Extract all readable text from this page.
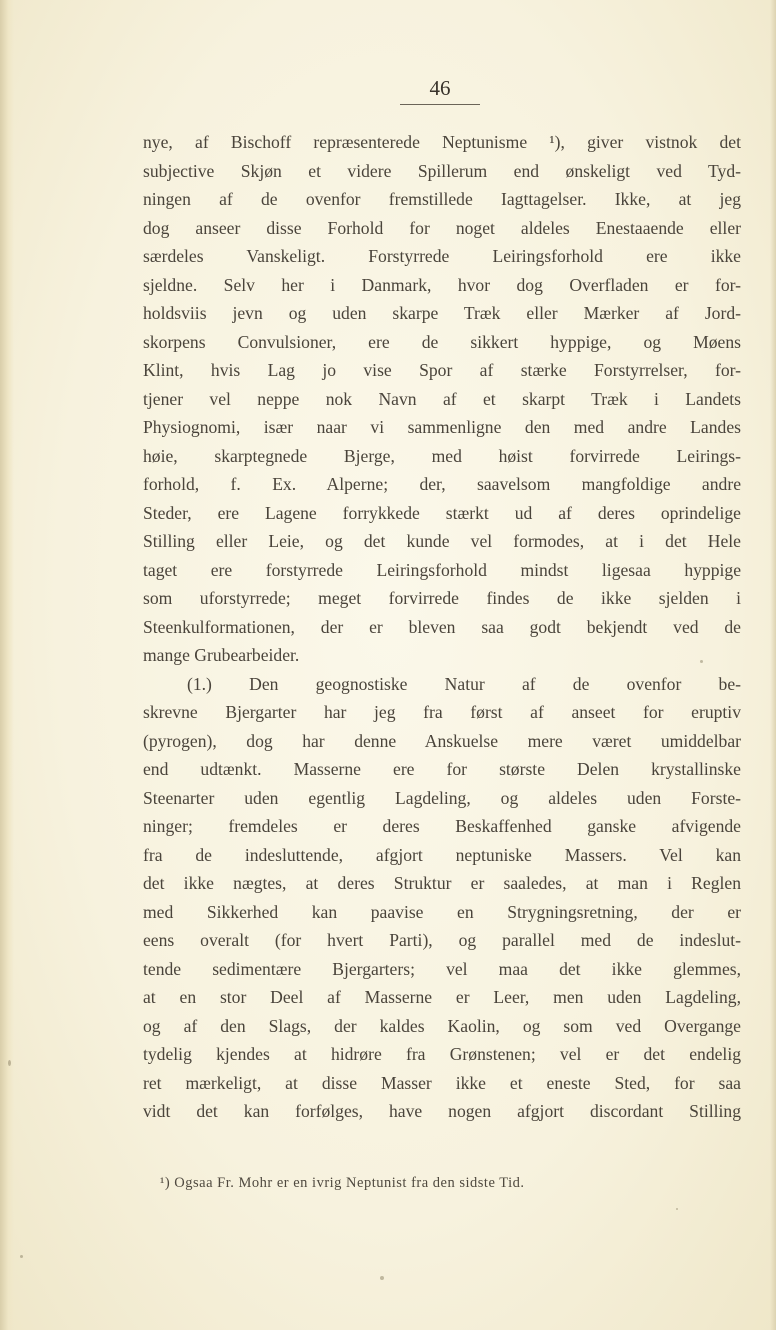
46
nye, af Bischoff repræsenterede Neptunisme ¹), giver vistnok det
subjective Skjøn et videre Spillerum end ønskeligt ved Tyd-
ningen af de ovenfor fremstillede Iagttagelser. Ikke, at jeg
dog anseer disse Forhold for noget aldeles Enestaaende eller
særdeles Vanskeligt. Forstyrrede Leiringsforhold ere ikke
sjeldne. Selv her i Danmark, hvor dog Overfladen er for-
holdsviis jevn og uden skarpe Træk eller Mærker af Jord-
skorpens Convulsioner, ere de sikkert hyppige, og Møens
Klint, hvis Lag jo vise Spor af stærke Forstyrrelser, for-
tjener vel neppe nok Navn af et skarpt Træk i Landets
Physiognomi, især naar vi sammenligne den med andre Landes
høie, skarptegnede Bjerge, med høist forvirrede Leirings-
forhold, f. Ex. Alperne; der, saavelsom mangfoldige andre
Steder, ere Lagene forrykkede stærkt ud af deres oprindelige
Stilling eller Leie, og det kunde vel formodes, at i det Hele
taget ere forstyrrede Leiringsforhold mindst ligesaa hyppige
som uforstyrrede; meget forvirrede findes de ikke sjelden i
Steenkulformationen, der er bleven saa godt bekjendt ved de
mange Grubearbeider.
(1.) Den geognostiske Natur af de ovenfor be-
skrevne Bjergarter har jeg fra først af anseet for eruptiv
(pyrogen), dog har denne Anskuelse mere været umiddelbar
end udtænkt. Masserne ere for største Delen krystallinske
Steenarter uden egentlig Lagdeling, og aldeles uden Forste-
ninger; fremdeles er deres Beskaffenhed ganske afvigende
fra de indesluttende, afgjort neptuniske Massers. Vel kan
det ikke nægtes, at deres Struktur er saaledes, at man i Reglen
med Sikkerhed kan paavise en Strygningsretning, der er
eens overalt (for hvert Parti), og parallel med de indeslut-
tende sedimentære Bjergarters; vel maa det ikke glemmes,
at en stor Deel af Masserne er Leer, men uden Lagdeling,
og af den Slags, der kaldes Kaolin, og som ved Overgange
tydelig kjendes at hidrøre fra Grønstenen; vel er det endelig
ret mærkeligt, at disse Masser ikke et eneste Sted, for saa
vidt det kan forfølges, have nogen afgjort discordant Stilling
¹) Ogsaa Fr. Mohr er en ivrig Neptunist fra den sidste Tid.
